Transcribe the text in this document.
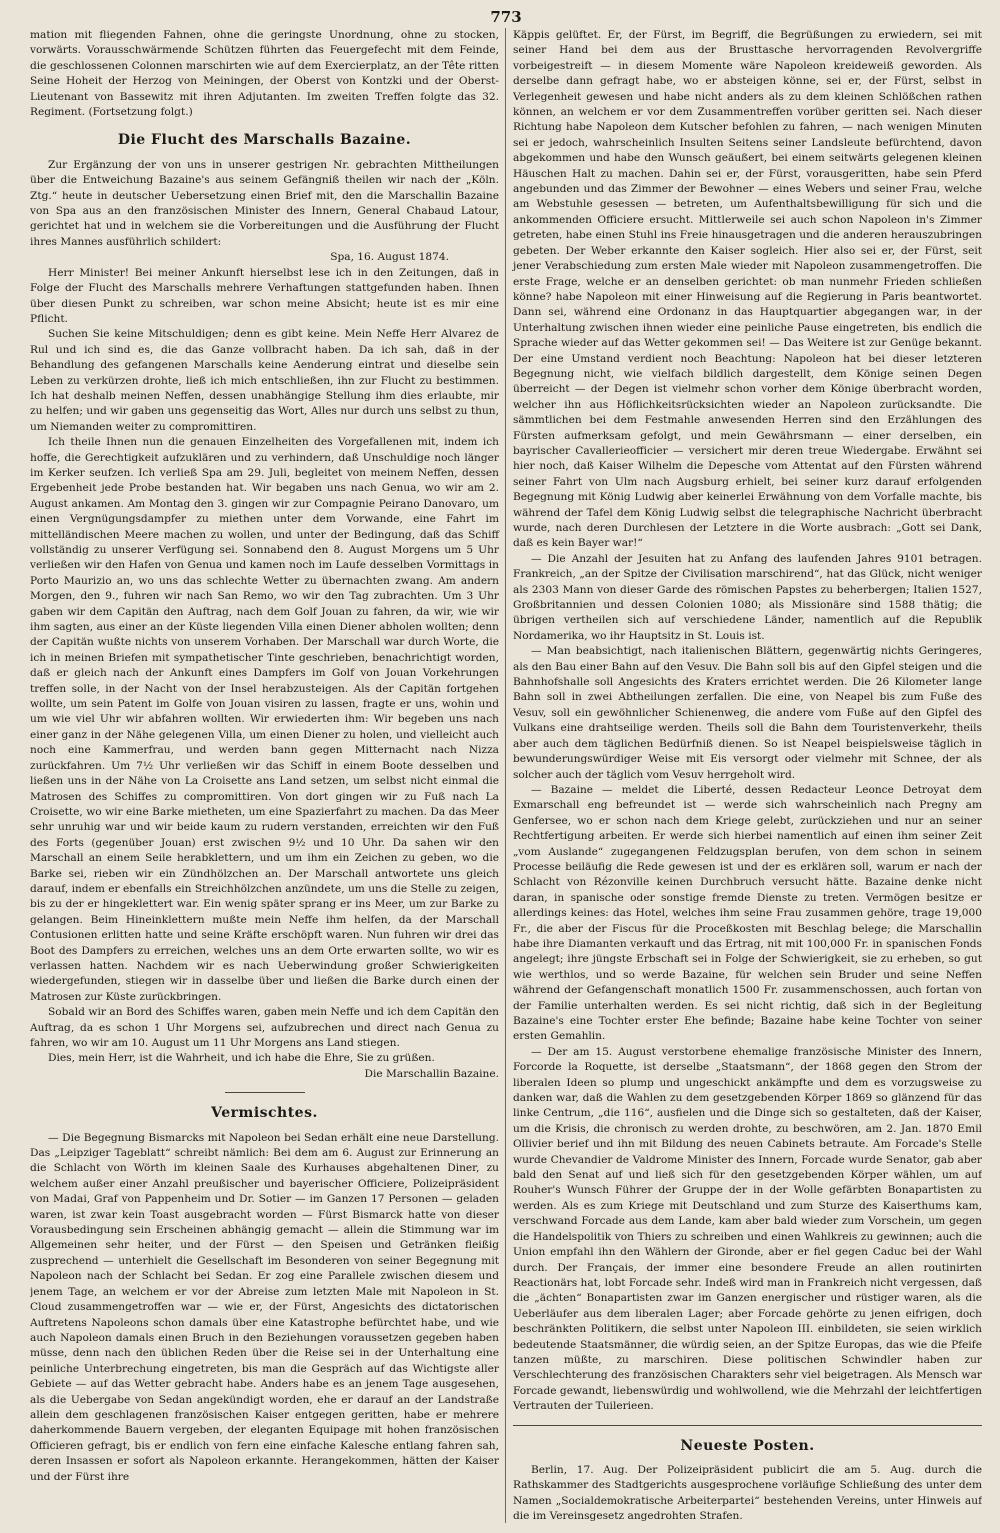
773

mation mit fliegenden Fahnen, ohne die geringste Unordnung, ohne zu stocken, vorwärts. Vorausschwärmende Schützen führten das Feuergefecht mit dem Feinde, die geschlossenen Colonnen marschirten wie auf dem Exercierplatz, an der Tête ritten Seine Hoheit der Herzog von Meiningen, der Oberst von Kontzki und der Oberst-Lieutenant von Bassewitz mit ihren Adjutanten. Im zweiten Treffen folgte das 32. Regiment. (Fortsetzung folgt.)

Die Flucht des Marschalls Bazaine.

Zur Ergänzung der von uns in unserer gestrigen Nr. gebrachten Mittheilungen über die Entweichung Bazaine's aus seinem Gefängniß theilen wir nach der „Köln. Ztg.“ heute in deutscher Uebersetzung einen Brief mit, den die Marschallin Bazaine von Spa aus an den französischen Minister des Innern, General Chabaud Latour, gerichtet hat und in welchem sie die Vorbereitungen und die Ausführung der Flucht ihres Mannes ausführlich schildert:

Spa, 16. August 1874.

Herr Minister! Bei meiner Ankunft hierselbst lese ich in den Zeitungen, daß in Folge der Flucht des Marschalls mehrere Verhaftungen stattgefunden haben. Ihnen über diesen Punkt zu schreiben, war schon meine Absicht; heute ist es mir eine Pflicht.

Suchen Sie keine Mitschuldigen; denn es gibt keine. Mein Neffe Herr Alvarez de Rul und ich sind es, die das Ganze vollbracht haben. Da ich sah, daß in der Behandlung des gefangenen Marschalls keine Aenderung eintrat und dieselbe sein Leben zu verkürzen drohte, ließ ich mich entschließen, ihn zur Flucht zu bestimmen. Ich hat deshalb meinen Neffen, dessen unabhängige Stellung ihm dies erlaubte, mir zu helfen; und wir gaben uns gegenseitig das Wort, Alles nur durch uns selbst zu thun, um Niemanden weiter zu compromittiren.

Ich theile Ihnen nun die genauen Einzelheiten des Vorgefallenen mit, indem ich hoffe, die Gerechtigkeit aufzuklären und zu verhindern, daß Unschuldige noch länger im Kerker seufzen. Ich verließ Spa am 29. Juli, begleitet von meinem Neffen, dessen Ergebenheit jede Probe bestanden hat. Wir begaben uns nach Genua, wo wir am 2. August ankamen. Am Montag den 3. gingen wir zur Compagnie Peirano Danovaro, um einen Vergnügungsdampfer zu miethen unter dem Vorwande, eine Fahrt im mittelländischen Meere machen zu wollen, und unter der Bedingung, daß das Schiff vollständig zu unserer Verfügung sei. Sonnabend den 8. August Morgens um 5 Uhr verließen wir den Hafen von Genua und kamen noch im Laufe desselben Vormittags in Porto Maurizio an, wo uns das schlechte Wetter zu übernachten zwang. Am andern Morgen, den 9., fuhren wir nach San Remo, wo wir den Tag zubrachten. Um 3 Uhr gaben wir dem Capitän den Auftrag, nach dem Golf Jouan zu fahren, da wir, wie wir ihm sagten, aus einer an der Küste liegenden Villa einen Diener abholen wollten; denn der Capitän wußte nichts von unserem Vorhaben. Der Marschall war durch Worte, die ich in meinen Briefen mit sympathetischer Tinte geschrieben, benachrichtigt worden, daß er gleich nach der Ankunft eines Dampfers im Golf von Jouan Vorkehrungen treffen solle, in der Nacht von der Insel herabzusteigen. Als der Capitän fortgehen wollte, um sein Patent im Golfe von Jouan visiren zu lassen, fragte er uns, wohin und um wie viel Uhr wir abfahren wollten. Wir erwiederten ihm: Wir begeben uns nach einer ganz in der Nähe gelegenen Villa, um einen Diener zu holen, und vielleicht auch noch eine Kammerfrau, und werden bann gegen Mitternacht nach Nizza zurückfahren. Um 7½ Uhr verließen wir das Schiff in einem Boote desselben und ließen uns in der Nähe von La Croisette ans Land setzen, um selbst nicht einmal die Matrosen des Schiffes zu compromittiren. Von dort gingen wir zu Fuß nach La Croisette, wo wir eine Barke mietheten, um eine Spazierfahrt zu machen. Da das Meer sehr unruhig war und wir beide kaum zu rudern verstanden, erreichten wir den Fuß des Forts (gegenüber Jouan) erst zwischen 9½ und 10 Uhr. Da sahen wir den Marschall an einem Seile herabklettern, und um ihm ein Zeichen zu geben, wo die Barke sei, rieben wir ein Zündhölzchen an. Der Marschall antwortete uns gleich darauf, indem er ebenfalls ein Streichhölzchen anzündete, um uns die Stelle zu zeigen, bis zu der er hingeklettert war. Ein wenig später sprang er ins Meer, um zur Barke zu gelangen. Beim Hineinklettern mußte mein Neffe ihm helfen, da der Marschall Contusionen erlitten hatte und seine Kräfte erschöpft waren. Nun fuhren wir drei das Boot des Dampfers zu erreichen, welches uns an dem Orte erwarten sollte, wo wir es verlassen hatten. Nachdem wir es nach Ueberwindung großer Schwierigkeiten wiedergefunden, stiegen wir in dasselbe über und ließen die Barke durch einen der Matrosen zur Küste zurückbringen.

Sobald wir an Bord des Schiffes waren, gaben mein Neffe und ich dem Capitän den Auftrag, da es schon 1 Uhr Morgens sei, aufzubrechen und direct nach Genua zu fahren, wo wir am 10. August um 11 Uhr Morgens ans Land stiegen.

Dies, mein Herr, ist die Wahrheit, und ich habe die Ehre, Sie zu grüßen.

Die Marschallin Bazaine.

Vermischtes.

— Die Begegnung Bismarcks mit Napoleon bei Sedan erhält eine neue Darstellung. Das „Leipziger Tageblatt“ schreibt nämlich: Bei dem am 6. August zur Erinnerung an die Schlacht von Wörth im kleinen Saale des Kurhauses abgehaltenen Diner, zu welchem außer einer Anzahl preußischer und bayerischer Officiere, Polizeipräsident von Madai, Graf von Pappenheim und Dr. Sotier — im Ganzen 17 Personen — geladen waren, ist zwar kein Toast ausgebracht worden — Fürst Bismarck hatte von dieser Vorausbedingung sein Erscheinen abhängig gemacht — allein die Stimmung war im Allgemeinen sehr heiter, und der Fürst — den Speisen und Getränken fleißig zusprechend — unterhielt die Gesellschaft im Besonderen von seiner Begegnung mit Napoleon nach der Schlacht bei Sedan. Er zog eine Parallele zwischen diesem und jenem Tage, an welchem er vor der Abreise zum letzten Male mit Napoleon in St. Cloud zusammengetroffen war — wie er, der Fürst, Angesichts des dictatorischen Auftretens Napoleons schon damals über eine Katastrophe befürchtet habe, und wie auch Napoleon damals einen Bruch in den Beziehungen voraussetzen gegeben haben müsse, denn nach den üblichen Reden über die Reise sei in der Unterhaltung eine peinliche Unterbrechung eingetreten, bis man die Gespräch auf das Wichtigste aller Gebiete — auf das Wetter gebracht habe. Anders habe es an jenem Tage ausgesehen, als die Uebergabe von Sedan angekündigt worden, ehe er darauf an der Landstraße allein dem geschlagenen französischen Kaiser entgegen geritten, habe er mehrere daherkommende Bauern vergeben, der eleganten Equipage mit hohen französischen Officieren gefragt, bis er endlich von fern eine einfache Kalesche entlang fahren sah, deren Insassen er sofort als Napoleon erkannte. Herangekommen, hätten der Kaiser und der Fürst ihre

Käppis gelüftet. Er, der Fürst, im Begriff, die Begrüßungen zu erwiedern, sei mit seiner Hand bei dem aus der Brusttasche hervorragenden Revolvergriffe vorbeigestreift — in diesem Momente wäre Napoleon kreideweiß geworden. Als derselbe dann gefragt habe, wo er absteigen könne, sei er, der Fürst, selbst in Verlegenheit gewesen und habe nicht anders als zu dem kleinen Schlößchen rathen können, an welchem er vor dem Zusammentreffen vorüber geritten sei. Nach dieser Richtung habe Napoleon dem Kutscher befohlen zu fahren, — nach wenigen Minuten sei er jedoch, wahrscheinlich Insulten Seitens seiner Landsleute befürchtend, davon abgekommen und habe den Wunsch geäußert, bei einem seitwärts gelegenen kleinen Häuschen Halt zu machen. Dahin sei er, der Fürst, vorausgeritten, habe sein Pferd angebunden und das Zimmer der Bewohner — eines Webers und seiner Frau, welche am Webstuhle gesessen — betreten, um Aufenthaltsbewilligung für sich und die ankommenden Officiere ersucht. Mittlerweile sei auch schon Napoleon in's Zimmer getreten, habe einen Stuhl ins Freie hinausgetragen und die anderen herauszubringen gebeten. Der Weber erkannte den Kaiser sogleich. Hier also sei er, der Fürst, seit jener Verabschiedung zum ersten Male wieder mit Napoleon zusammengetroffen. Die erste Frage, welche er an denselben gerichtet: ob man nunmehr Frieden schließen könne? habe Napoleon mit einer Hinweisung auf die Regierung in Paris beantwortet. Dann sei, während eine Ordonanz in das Hauptquartier abgegangen war, in der Unterhaltung zwischen ihnen wieder eine peinliche Pause eingetreten, bis endlich die Sprache wieder auf das Wetter gekommen sei! — Das Weitere ist zur Genüge bekannt. Der eine Umstand verdient noch Beachtung: Napoleon hat bei dieser letzteren Begegnung nicht, wie vielfach bildlich dargestellt, dem Könige seinen Degen überreicht — der Degen ist vielmehr schon vorher dem Könige überbracht worden, welcher ihn aus Höflichkeitsrücksichten wieder an Napoleon zurücksandte. Die sämmtlichen bei dem Festmahle anwesenden Herren sind den Erzählungen des Fürsten aufmerksam gefolgt, und mein Gewährsmann — einer derselben, ein bayrischer Cavallerieofficier — versichert mir deren treue Wiedergabe. Erwähnt sei hier noch, daß Kaiser Wilhelm die Depesche vom Attentat auf den Fürsten während seiner Fahrt von Ulm nach Augsburg erhielt, bei seiner kurz darauf erfolgenden Begegnung mit König Ludwig aber keinerlei Erwähnung von dem Vorfalle machte, bis während der Tafel dem König Ludwig selbst die telegraphische Nachricht überbracht wurde, nach deren Durchlesen der Letztere in die Worte ausbrach: „Gott sei Dank, daß es kein Bayer war!“

— Die Anzahl der Jesuiten hat zu Anfang des laufenden Jahres 9101 betragen. Frankreich, „an der Spitze der Civilisation marschirend“, hat das Glück, nicht weniger als 2303 Mann von dieser Garde des römischen Papstes zu beherbergen; Italien 1527, Großbritannien und dessen Colonien 1080; als Missionäre sind 1588 thätig; die übrigen vertheilen sich auf verschiedene Länder, namentlich auf die Republik Nordamerika, wo ihr Hauptsitz in St. Louis ist.

— Man beabsichtigt, nach italienischen Blättern, gegenwärtig nichts Geringeres, als den Bau einer Bahn auf den Vesuv. Die Bahn soll bis auf den Gipfel steigen und die Bahnhofshalle soll Angesichts des Kraters errichtet werden. Die 26 Kilometer lange Bahn soll in zwei Abtheilungen zerfallen. Die eine, von Neapel bis zum Fuße des Vesuv, soll ein gewöhnlicher Schienenweg, die andere vom Fuße auf den Gipfel des Vulkans eine drahtseilige werden. Theils soll die Bahn dem Touristenverkehr, theils aber auch dem täglichen Bedürfniß dienen. So ist Neapel beispielsweise täglich in bewunderungswürdiger Weise mit Eis versorgt oder vielmehr mit Schnee, der als solcher auch der täglich vom Vesuv herrgeholt wird.

— Bazaine — meldet die Liberté, dessen Redacteur Leonce Detroyat dem Exmarschall eng befreundet ist — werde sich wahrscheinlich nach Pregny am Genfersee, wo er schon nach dem Kriege gelebt, zurückziehen und nur an seiner Rechtfertigung arbeiten. Er werde sich hierbei namentlich auf einen ihm seiner Zeit „vom Auslande“ zugegangenen Feldzugsplan berufen, von dem schon in seinem Processe beiläufig die Rede gewesen ist und der es erklären soll, warum er nach der Schlacht von Rézonville keinen Durchbruch versucht hätte. Bazaine denke nicht daran, in spanische oder sonstige fremde Dienste zu treten. Vermögen besitze er allerdings keines: das Hotel, welches ihm seine Frau zusammen gehöre, trage 19,000 Fr., die aber der Fiscus für die Proceßkosten mit Beschlag belege; die Marschallin habe ihre Diamanten verkauft und das Ertrag, nit mit 100,000 Fr. in spanischen Fonds angelegt; ihre jüngste Erbschaft sei in Folge der Schwierigkeit, sie zu erheben, so gut wie werthlos, und so werde Bazaine, für welchen sein Bruder und seine Neffen während der Gefangenschaft monatlich 1500 Fr. zusammenschossen, auch fortan von der Familie unterhalten werden. Es sei nicht richtig, daß sich in der Begleitung Bazaine's eine Tochter erster Ehe befinde; Bazaine habe keine Tochter von seiner ersten Gemahlin.

— Der am 15. August verstorbene ehemalige französische Minister des Innern, Forcorde la Roquette, ist derselbe „Staatsmann“, der 1868 gegen den Strom der liberalen Ideen so plump und ungeschickt ankämpfte und dem es vorzugsweise zu danken war, daß die Wahlen zu dem gesetzgebenden Körper 1869 so glänzend für das linke Centrum, „die 116“, ausfielen und die Dinge sich so gestalteten, daß der Kaiser, um die Krisis, die chronisch zu werden drohte, zu beschwören, am 2. Jan. 1870 Emil Ollivier berief und ihn mit Bildung des neuen Cabinets betraute. Am Forcade's Stelle wurde Chevandier de Valdrome Minister des Innern, Forcade wurde Senator, gab aber bald den Senat auf und ließ sich für den gesetzgebenden Körper wählen, um auf Rouher's Wunsch Führer der Gruppe der in der Wolle gefärbten Bonapartisten zu werden. Als es zum Kriege mit Deutschland und zum Sturze des Kaiserthums kam, verschwand Forcade aus dem Lande, kam aber bald wieder zum Vorschein, um gegen die Handelspolitik von Thiers zu schreiben und einen Wahlkreis zu gewinnen; auch die Union empfahl ihn den Wählern der Gironde, aber er fiel gegen Caduc bei der Wahl durch. Der Français, der immer eine besondere Freude an allen routinirten Reactionärs hat, lobt Forcade sehr. Indeß wird man in Frankreich nicht vergessen, daß die „ächten“ Bonapartisten zwar im Ganzen energischer und rüstiger waren, als die Ueberläufer aus dem liberalen Lager; aber Forcade gehörte zu jenen eifrigen, doch beschränkten Politikern, die selbst unter Napoleon III. einbildeten, sie seien wirklich bedeutende Staatsmänner, die würdig seien, an der Spitze Europas, das wie die Pfeife tanzen müßte, zu marschiren. Diese politischen Schwindler haben zur Verschlechterung des französischen Charakters sehr viel beigetragen. Als Mensch war Forcade gewandt, liebenswürdig und wohlwollend, wie die Mehrzahl der leichtfertigen Vertrauten der Tuilerieen.

Neueste Posten.

Berlin, 17. Aug. Der Polizeipräsident publicirt die am 5. Aug. durch die Rathskammer des Stadtgerichts ausgesprochene vorläufige Schließung des unter dem Namen „Socialdemokratische Arbeiterpartei“ bestehenden Vereins, unter Hinweis auf die im Vereinsgesetz angedrohten Strafen.
